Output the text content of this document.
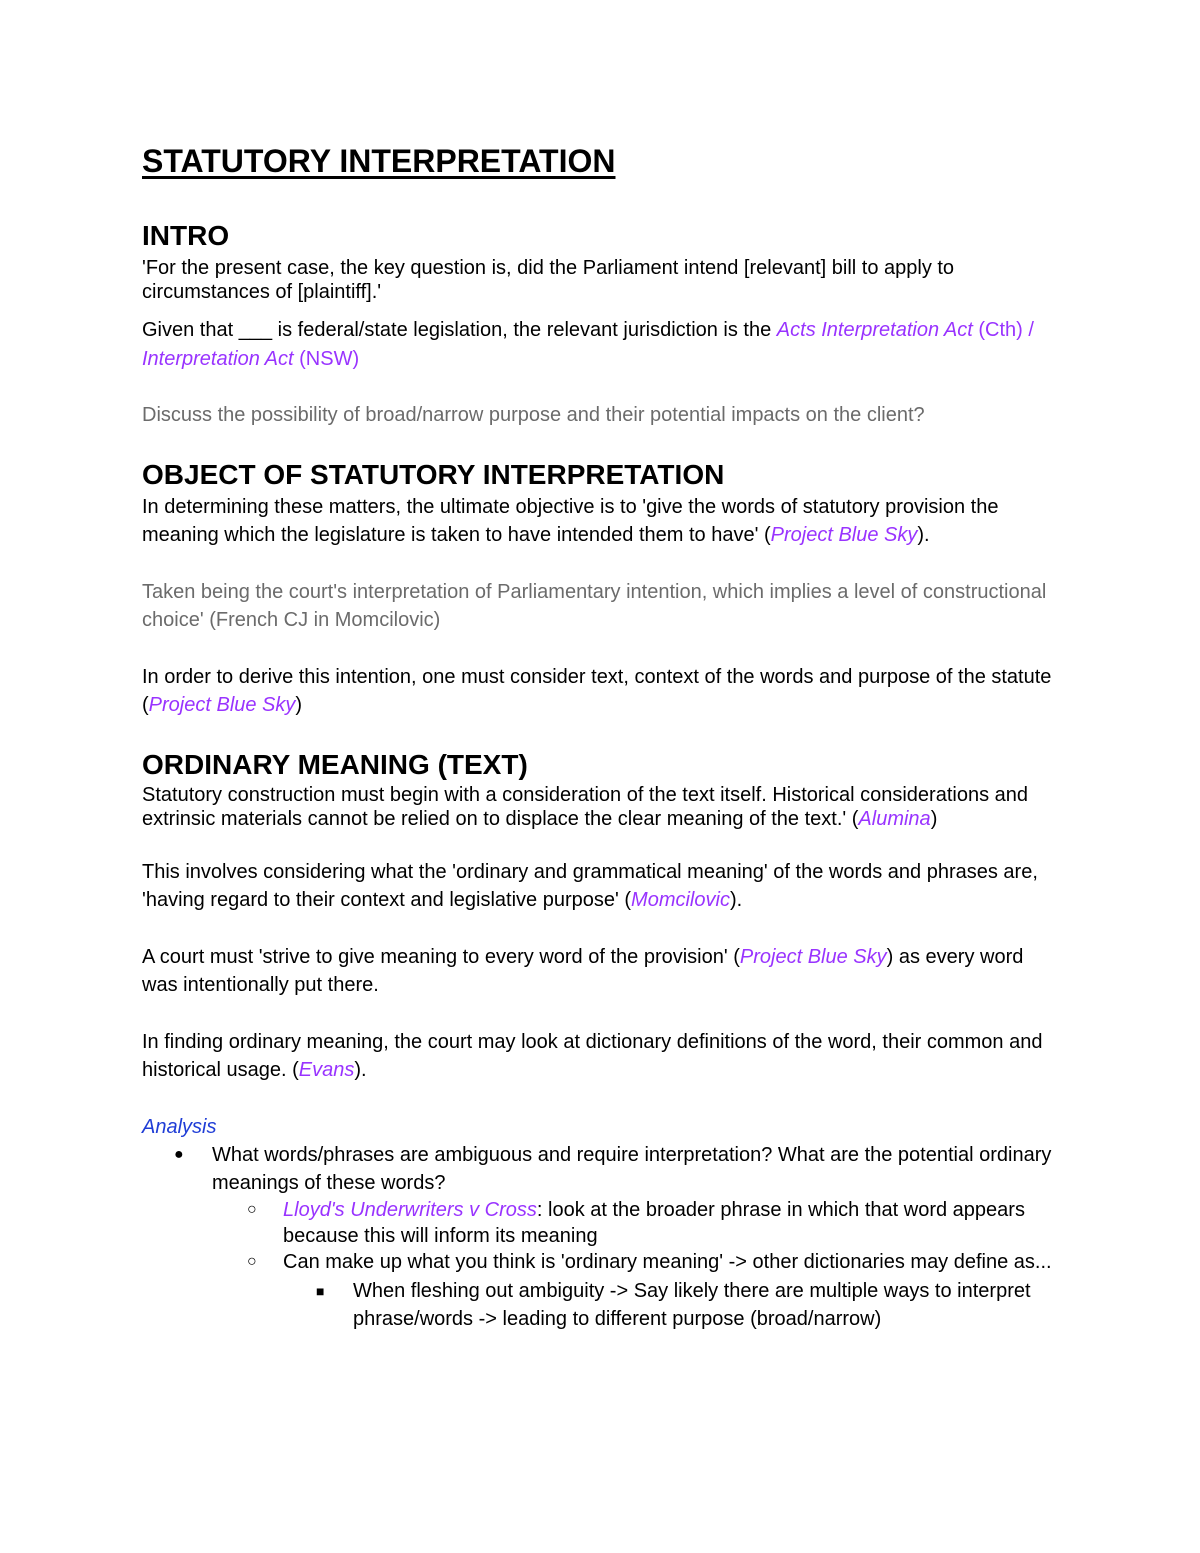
STATUTORY INTERPRETATION
INTRO

'For the present case, the key question is, did the Parliament intend [relevant] bill to apply to circumstances of [plaintiff].'

Given that ___ is federal/state legislation, the relevant jurisdiction is the Acts Interpretation Act (Cth) / Interpretation Act (NSW)

Discuss the possibility of broad/narrow purpose and their potential impacts on the client?

OBJECT OF STATUTORY INTERPRETATION

In determining these matters, the ultimate objective is to 'give the words of statutory provision the meaning which the legislature is taken to have intended them to have' (Project Blue Sky).

Taken being the court's interpretation of Parliamentary intention, which implies a level of constructional choice' (French CJ in Momcilovic)

In order to derive this intention, one must consider text, context of the words and purpose of the statute (Project Blue Sky)

ORDINARY MEANING (TEXT)

Statutory construction must begin with a consideration of the text itself. Historical considerations and extrinsic materials cannot be relied on to displace the clear meaning of the text.' (Alumina)

This involves considering what the 'ordinary and grammatical meaning' of the words and phrases are, 'having regard to their context and legislative purpose' (Momcilovic).

A court must 'strive to give meaning to every word of the provision' (Project Blue Sky) as every word was intentionally put there.

In finding ordinary meaning, the court may look at dictionary definitions of the word, their common and historical usage. (Evans).

Analysis

● What words/phrases are ambiguous and require interpretation? What are the potential ordinary meanings of these words?
○ Lloyd's Underwriters v Cross: look at the broader phrase in which that word appears because this will inform its meaning
○ Can make up what you think is 'ordinary meaning' -> other dictionaries may define as...
■ When fleshing out ambiguity -> Say likely there are multiple ways to interpret phrase/words -> leading to different purpose (broad/narrow)
